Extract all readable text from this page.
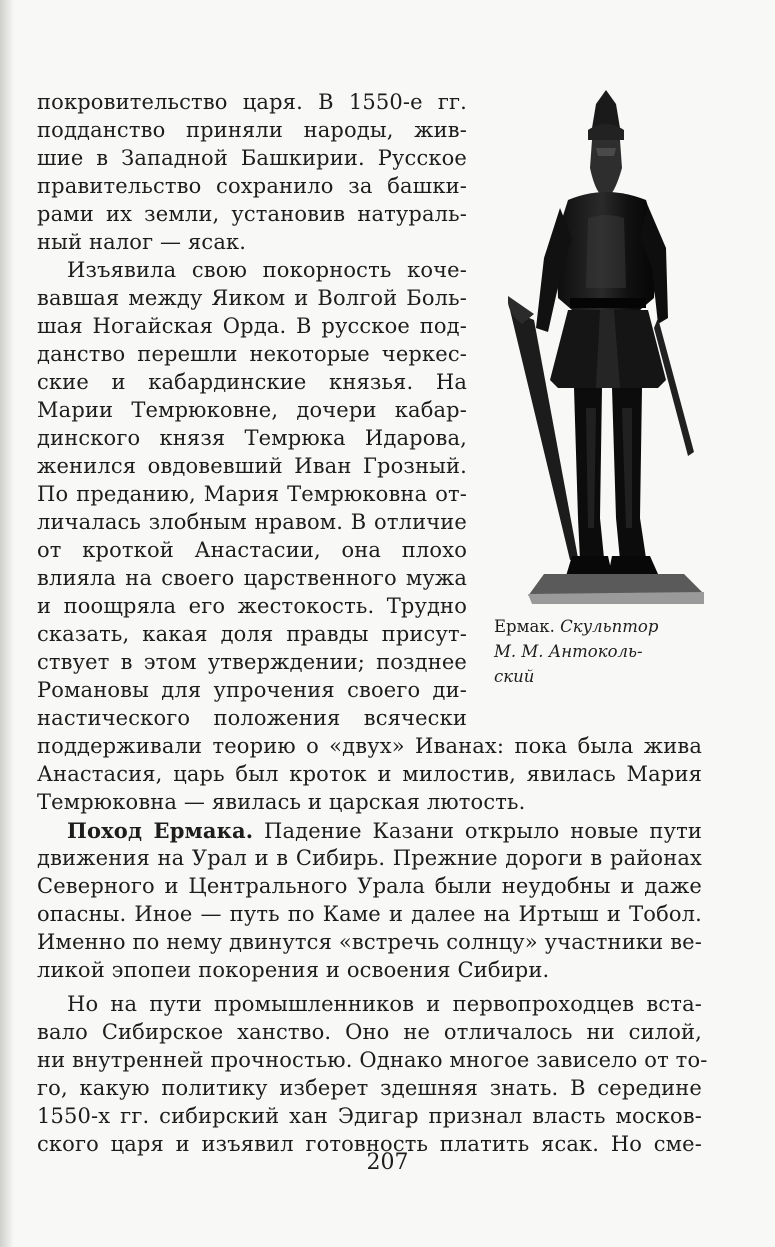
покровительство царя. В 1550-е гг.

подданство приняли народы, жив-

шие в Западной Башкирии. Русское

правительство сохранило за башки-

рами их земли, установив натураль-

ный налог — ясак.

Изъявила свою покорность коче-

вавшая между Яиком и Волгой Боль-

шая Ногайская Орда. В русское под-

данство перешли некоторые черкес-

ские и кабардинские князья. На

Марии Темрюковне, дочери кабар-

динского князя Темрюка Идарова,

женился овдовевший Иван Грозный.

По преданию, Мария Темрюковна от-

личалась злобным нравом. В отличие

от кроткой Анастасии, она плохо

влияла на своего царственного мужа

и поощряла его жестокость. Трудно

сказать, какая доля правды присут-

ствует в этом утверждении; позднее

Романовы для упрочения своего ди-

настического положения всячески

поддерживали теорию о «двух» Иванах: пока была жива

Анастасия, царь был кроток и милостив, явилась Мария

Темрюковна — явилась и царская лютость.

Поход Ермака. Падение Казани открыло новые пути

движения на Урал и в Сибирь. Прежние дороги в районах

Северного и Центрального Урала были неудобны и даже

опасны. Иное — путь по Каме и далее на Иртыш и Тобол.

Именно по нему двинутся «встречь солнцу» участники ве-

ликой эпопеи покорения и освоения Сибири.

Но на пути промышленников и первопроходцев вста-

вало Сибирское ханство. Оно не отличалось ни силой,

ни внутренней прочностью. Однако многое зависело от то-

го, какую политику изберет здешняя знать. В середине

1550-х гг. сибирский хан Эдигар признал власть москов-

ского царя и изъявил готовность платить ясак. Но сме-

Ермак. Скульптор

М. М. Антоколь-

ский

207
